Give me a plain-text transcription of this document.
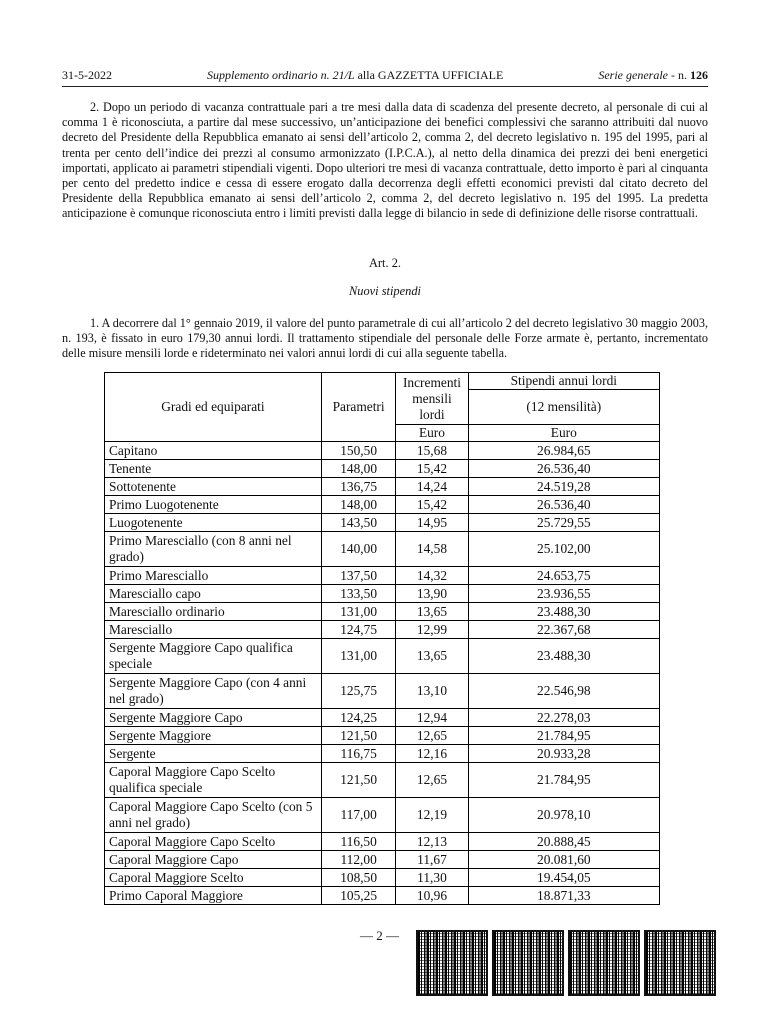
31-5-2022	Supplemento ordinario n. 21/L alla GAZZETTA UFFICIALE	Serie generale - n. 126

2. Dopo un periodo di vacanza contrattuale pari a tre mesi dalla data di scadenza del presente decreto, al personale di cui al comma 1 è riconosciuta, a partire dal mese successivo, un’anticipazione dei benefici complessivi che saranno attribuiti dal nuovo decreto del Presidente della Repubblica emanato ai sensi dell’articolo 2, comma 2, del decreto legislativo n. 195 del 1995, pari al trenta per cento dell’indice dei prezzi al consumo armonizzato (I.P.C.A.), al netto della dinamica dei prezzi dei beni energetici importati, applicato ai parametri stipendiali vigenti. Dopo ulteriori tre mesi di vacanza contrattuale, detto importo è pari al cinquanta per cento del predetto indice e cessa di essere erogato dalla decorrenza degli effetti economici previsti dal citato decreto del Presidente della Repubblica emanato ai sensi dell’articolo 2, comma 2, del decreto legislativo n. 195 del 1995. La predetta anticipazione è comunque riconosciuta entro i limiti previsti dalla legge di bilancio in sede di definizione delle risorse contrattuali.

Art. 2.
Nuovi stipendi

1. A decorrere dal 1° gennaio 2019, il valore del punto parametrale di cui all’articolo 2 del decreto legislativo 30 maggio 2003, n. 193, è fissato in euro 179,30 annui lordi. Il trattamento stipendiale del personale delle Forze armate è, pertanto, incrementato delle misure mensili lorde e rideterminato nei valori annui lordi di cui alla seguente tabella.

Gradi ed equiparati	Parametri	Incrementi mensili lordi	Stipendi annui lordi
			(12 mensilità)
		Euro	Euro
Capitano	150,50	15,68	26.984,65
Tenente	148,00	15,42	26.536,40
Sottotenente	136,75	14,24	24.519,28
Primo Luogotenente	148,00	15,42	26.536,40
Luogotenente	143,50	14,95	25.729,55
Primo Maresciallo (con 8 anni nel grado)	140,00	14,58	25.102,00
Primo Maresciallo	137,50	14,32	24.653,75
Maresciallo capo	133,50	13,90	23.936,55
Maresciallo ordinario	131,00	13,65	23.488,30
Maresciallo	124,75	12,99	22.367,68
Sergente Maggiore Capo qualifica speciale	131,00	13,65	23.488,30
Sergente Maggiore Capo (con 4 anni nel grado)	125,75	13,10	22.546,98
Sergente Maggiore Capo	124,25	12,94	22.278,03
Sergente Maggiore	121,50	12,65	21.784,95
Sergente	116,75	12,16	20.933,28
Caporal Maggiore Capo Scelto qualifica speciale	121,50	12,65	21.784,95
Caporal Maggiore Capo Scelto (con 5 anni nel grado)	117,00	12,19	20.978,10
Caporal Maggiore Capo Scelto	116,50	12,13	20.888,45
Caporal Maggiore Capo	112,00	11,67	20.081,60
Caporal Maggiore Scelto	108,50	11,30	19.454,05
Primo Caporal Maggiore	105,25	10,96	18.871,33
— 2 —
